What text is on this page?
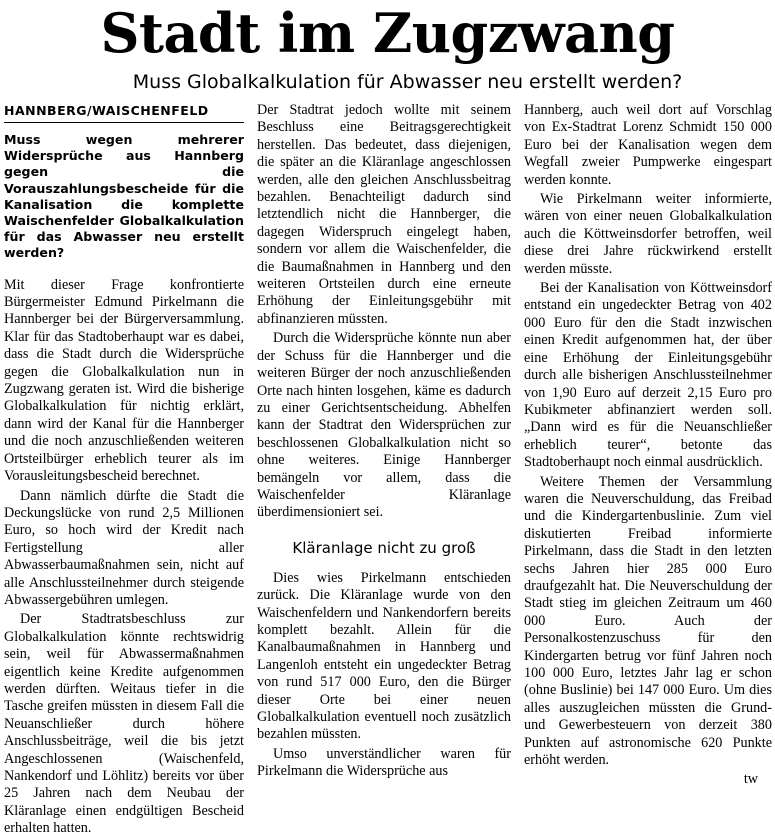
Stadt im Zugzwang
Muss Globalkalkulation für Abwasser neu erstellt werden?
HANNBERG/WAISCHENFELD
Muss wegen mehrerer Widersprüche aus Hannberg gegen die Vorauszahlungsbescheide für die Kanalisation die komplette Waischenfelder Globalkalkulation für das Abwasser neu erstellt werden?

Mit dieser Frage konfrontierte Bürgermeister Edmund Pirkelmann die Hannberger bei der Bürgerversammlung. Klar für das Stadtoberhaupt war es dabei, dass die Stadt durch die Widersprüche gegen die Globalkalkulation nun in Zugzwang geraten ist. Wird die bisherige Globalkalkulation für nichtig erklärt, dann wird der Kanal für die Hannberger und die noch anzuschließenden weiteren Ortsteilbürger erheblich teurer als im Vorausleitungsbescheid berechnet.

Dann nämlich dürfte die Stadt die Deckungslücke von rund 2,5 Millionen Euro, so hoch wird der Kredit nach Fertigstellung aller Abwasserbaumaßnahmen sein, nicht auf alle Anschlussteilnehmer durch steigende Abwassergebühren umlegen.

Der Stadtratsbeschluss zur Globalkalkulation könnte rechtswidrig sein, weil für Abwassermaßnahmen eigentlich keine Kredite aufgenommen werden dürften. Weitaus tiefer in die Tasche greifen müssten in diesem Fall die Neuanschließer durch höhere Anschlussbeiträge, weil die bis jetzt Angeschlossenen (Waischenfeld, Nankendorf und Löhlitz) bereits vor über 25 Jahren nach dem Neubau der Kläranlage einen endgültigen Bescheid erhalten hatten.

Der Stadtrat jedoch wollte mit seinem Beschluss eine Beitragsgerechtigkeit herstellen. Das bedeutet, dass diejenigen, die später an die Kläranlage angeschlossen werden, alle den gleichen Anschlussbeitrag bezahlen. Benachteiligt dadurch sind letztendlich nicht die Hannberger, die dagegen Widerspruch eingelegt haben, sondern vor allem die Waischenfelder, die die Baumaßnahmen in Hannberg und den weiteren Ortsteilen durch eine erneute Erhöhung der Einleitungsgebühr mit abfinanzieren müssten.

Durch die Widersprüche könnte nun aber der Schuss für die Hannberger und die weiteren Bürger der noch anzuschließenden Orte nach hinten losgehen, käme es dadurch zu einer Gerichtsentscheidung. Abhelfen kann der Stadtrat den Widersprüchen zur beschlossenen Globalkalkulation nicht so ohne weiteres. Einige Hannberger bemängeln vor allem, dass die Waischenfelder Kläranlage überdimensioniert sei.

Kläranlage nicht zu groß

Dies wies Pirkelmann entschieden zurück. Die Kläranlage wurde von den Waischenfeldern und Nankendorfern bereits komplett bezahlt. Allein für die Kanalbaumaßnahmen in Hannberg und Langenloh entsteht ein ungedeckter Betrag von rund 517 000 Euro, den die Bürger dieser Orte bei einer neuen Globalkalkulation eventuell noch zusätzlich bezahlen müssten.

Umso unverständlicher waren für Pirkelmann die Widersprüche aus

Hannberg, auch weil dort auf Vorschlag von Ex-Stadtrat Lorenz Schmidt 150 000 Euro bei der Kanalisation wegen dem Wegfall zweier Pumpwerke eingespart werden konnte.

Wie Pirkelmann weiter informierte, wären von einer neuen Globalkalkulation auch die Köttweinsdorfer betroffen, weil diese drei Jahre rückwirkend erstellt werden müsste.

Bei der Kanalisation von Köttweinsdorf entstand ein ungedeckter Betrag von 402 000 Euro für den die Stadt inzwischen einen Kredit aufgenommen hat, der über eine Erhöhung der Einleitungsgebühr durch alle bisherigen Anschlussteilnehmer von 1,90 Euro auf derzeit 2,15 Euro pro Kubikmeter abfinanziert werden soll. „Dann wird es für die Neuanschließer erheblich teurer“, betonte das Stadtoberhaupt noch einmal ausdrücklich.

Weitere Themen der Versammlung waren die Neuverschuldung, das Freibad und die Kindergartenbuslinie. Zum viel diskutierten Freibad informierte Pirkelmann, dass die Stadt in den letzten sechs Jahren hier 285 000 Euro draufgezahlt hat. Die Neuverschuldung der Stadt stieg im gleichen Zeitraum um 460 000 Euro. Auch der Personalkostenzuschuss für den Kindergarten betrug vor fünf Jahren noch 100 000 Euro, letztes Jahr lag er schon (ohne Buslinie) bei 147 000 Euro. Um dies alles auszugleichen müssten die Grund- und Gewerbesteuern von derzeit 380 Punkten auf astronomische 620 Punkte erhöht werden.

tw
